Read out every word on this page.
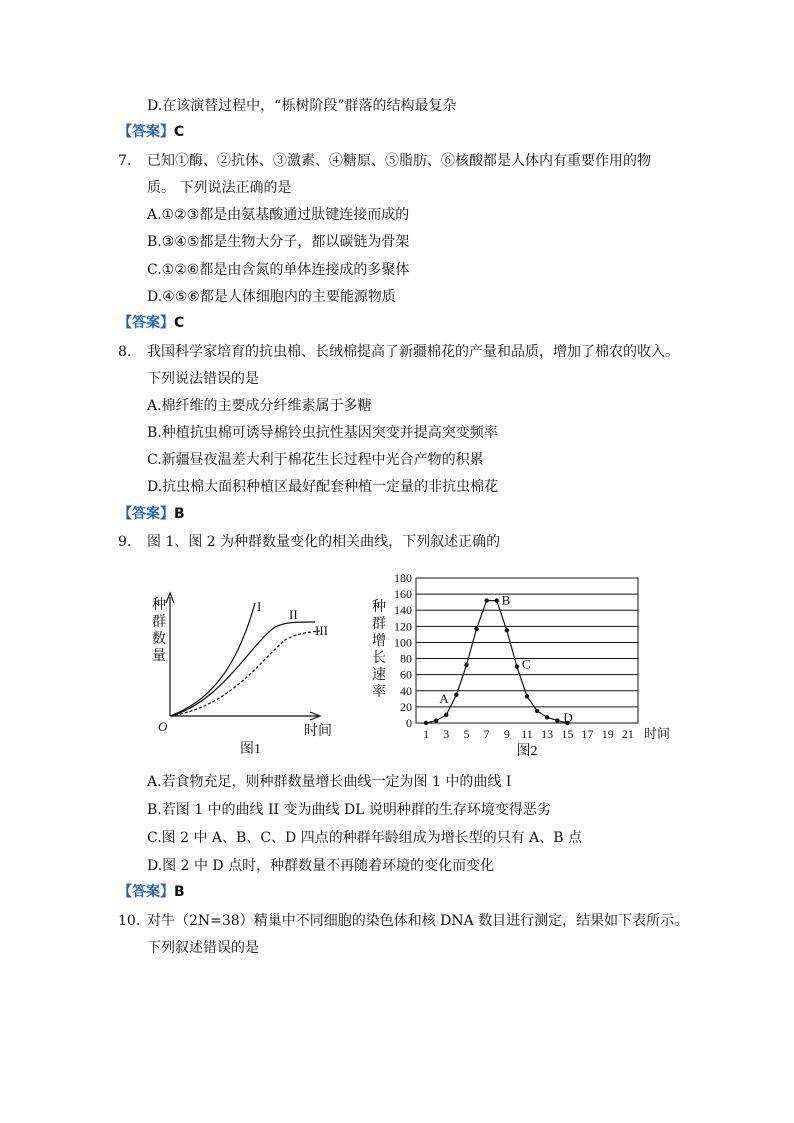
D.在该演替过程中，“栎树阶段”群落的结构最复杂
【答案】C
7. 已知①酶、②抗体、③激素、④糖原、⑤脂肪、⑥核酸都是人体内有重要作用的物
质。 下列说法正确的是
A.①②③都是由氨基酸通过肽键连接而成的
B.③④⑤都是生物大分子，都以碳链为骨架
C.①②⑥都是由含氮的单体连接成的多聚体
D.④⑤⑥都是人体细胞内的主要能源物质
【答案】C
8. 我国科学家培育的抗虫棉、长绒棉提高了新疆棉花的产量和品质，增加了棉农的收入。
下列说法错误的是
A.棉纤维的主要成分纤维素属于多糖
B.种植抗虫棉可诱导棉铃虫抗性基因突变并提高突变频率
C.新疆昼夜温差大利于棉花生长过程中光合产物的积累
D.抗虫棉大面积种植区最好配套种植一定量的非抗虫棉花
【答案】B
9. 图 1、图 2 为种群数量变化的相关曲线，下列叙述正确的
种
群
数
量
O	时间
I
II
III
图1
0
20
40
60
80
100
120
140
160
180
1 3 5 7 9 11 13 15 17 19 21
种
群
增
长
速
率
时间
图2
A
B
C
D
A.若食物充足，则种群数量增长曲线一定为图 1 中的曲线 I
B.若图 1 中的曲线 II 变为曲线 DL 说明种群的生存环境变得恶劣
C.图 2 中 A、B、C、D 四点的种群年龄组成为增长型的只有 A、B 点
D.图 2 中 D 点时，种群数量不再随着环境的变化而变化
【答案】B
10. 对牛（2N=38）精巢中不同细胞的染色体和核 DNA 数目进行测定，结果如下表所示。
下列叙述错误的是
